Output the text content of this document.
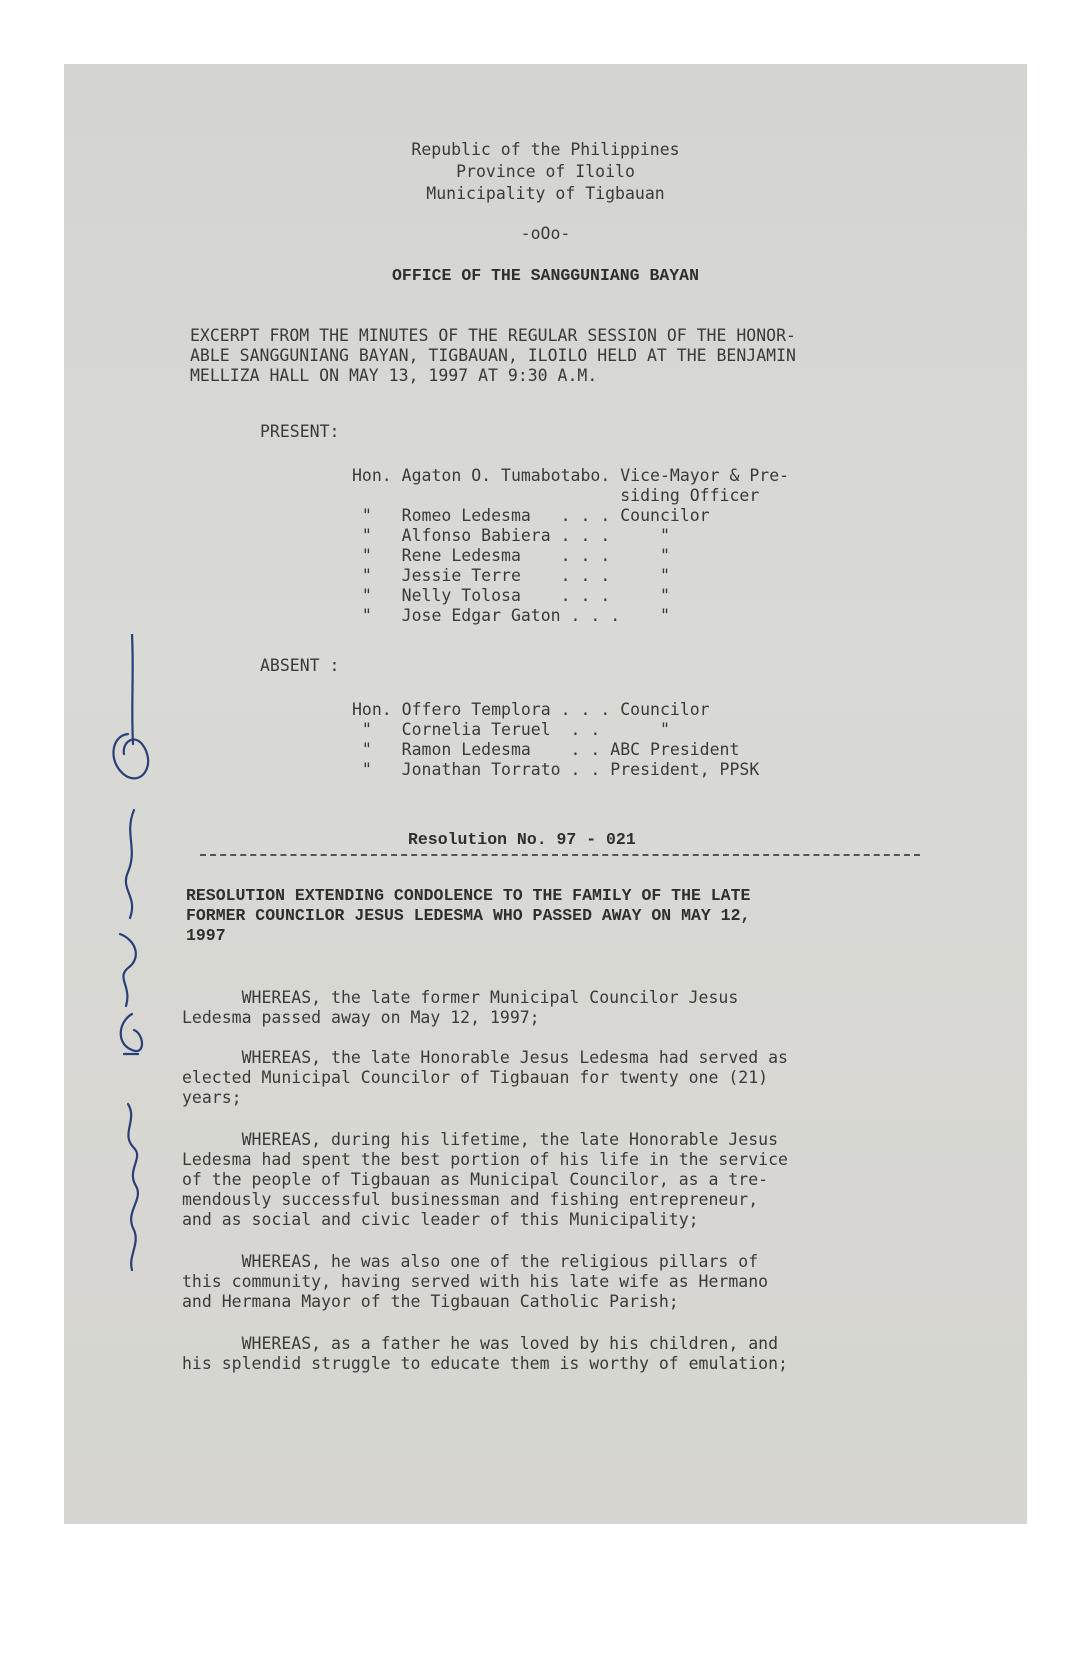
Republic of the Philippines
Province of Iloilo
Municipality of Tigbauan
-oOo-
OFFICE OF THE SANGGUNIANG BAYAN
EXCERPT FROM THE MINUTES OF THE REGULAR SESSION OF THE HONOR-
ABLE SANGGUNIANG BAYAN, TIGBAUAN, ILOILO HELD AT THE BENJAMIN
MELLIZA HALL ON MAY 13, 1997 AT 9:30 A.M.
PRESENT:
Hon. Agaton O. Tumabotabo. Vice-Mayor & Pre-
siding Officer
"   Romeo Ledesma   . . . Councilor
"   Alfonso Babiera . . .     "
"   Rene Ledesma    . . .     "
"   Jessie Terre    . . .     "
"   Nelly Tolosa    . . .     "
"   Jose Edgar Gaton . . .    "
ABSENT :
Hon. Offero Templora . . . Councilor
"   Cornelia Teruel  . .      "
"   Ramon Ledesma    . . ABC President
"   Jonathan Torrato . . President, PPSK
Resolution No. 97 - 021
RESOLUTION EXTENDING CONDOLENCE TO THE FAMILY OF THE LATE
FORMER COUNCILOR JESUS LEDESMA WHO PASSED AWAY ON MAY 12,
1997
WHEREAS, the late former Municipal Councilor Jesus
Ledesma passed away on May 12, 1997;
WHEREAS, the late Honorable Jesus Ledesma had served as
elected Municipal Councilor of Tigbauan for twenty one (21)
years;
WHEREAS, during his lifetime, the late Honorable Jesus
Ledesma had spent the best portion of his life in the service
of the people of Tigbauan as Municipal Councilor, as a tre-
mendously successful businessman and fishing entrepreneur,
and as social and civic leader of this Municipality;
WHEREAS, he was also one of the religious pillars of
this community, having served with his late wife as Hermano
and Hermana Mayor of the Tigbauan Catholic Parish;
WHEREAS, as a father he was loved by his children, and
his splendid struggle to educate them is worthy of emulation;
